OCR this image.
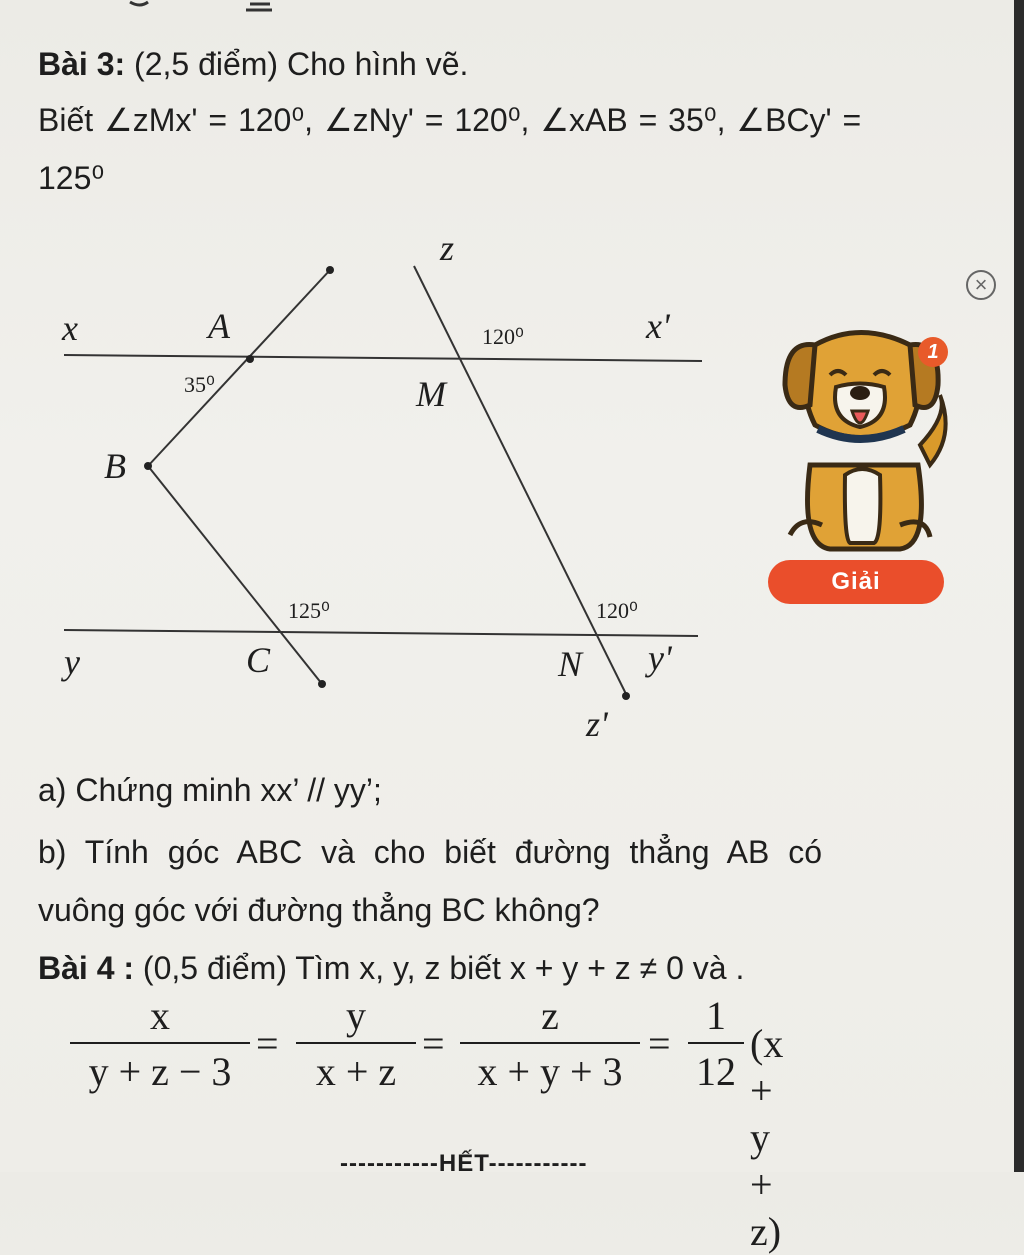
Bài 3: (2,5 điểm) Cho hình vẽ.
Biết ∠zMx' = 120⁰, ∠zNy' = 120⁰, ∠xAB = 35⁰, ∠BCy' =
125⁰
z
x	A	x'
M
B
y	C	N y'
z'
120⁰
35⁰
125⁰	120⁰
×
1
Giải
a) Chứng minh xx’ // yy’;
b) Tính góc ABC và cho biết đường thẳng AB có
vuông góc với đường thẳng BC không?
Bài 4 : (0,5 điểm) Tìm x, y, z biết x + y + z ≠ 0 và .
x
y + z − 3
=
y
x + z
=
z
x + y + 3
=
1
12
(x + y + z)
-----------HẾT-----------
